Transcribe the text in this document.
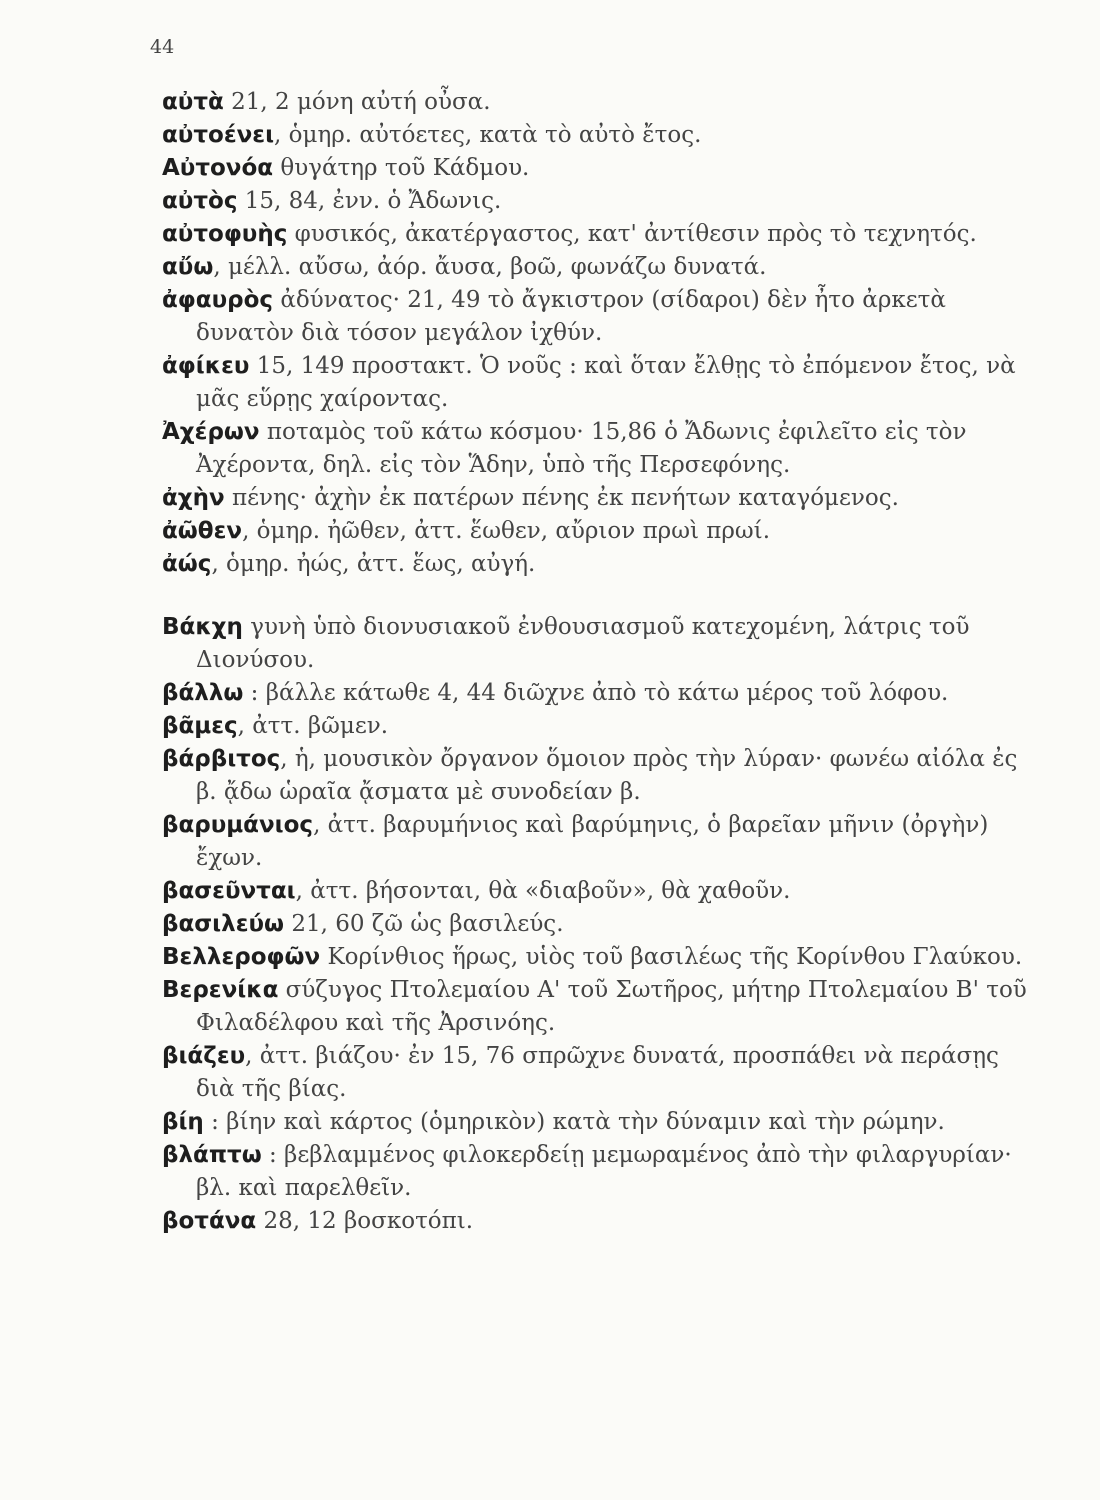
44
αὐτὰ 21, 2 μόνη αὐτή οὖσα.
αὐτοένει, ὁμηρ. αὐτόετες, κατὰ τὸ αὐτὸ ἔτος.
Αὐτονόα θυγάτηρ τοῦ Κάδμου.
αὐτὸς 15, 84, ἐνν. ὁ Ἄδωνις.
αὐτοφυὴς φυσικός, ἀκατέργαστος, κατ' ἀντίθεσιν πρὸς τὸ τεχνητός.
αὔω, μέλλ. αὔσω, ἀόρ. ἄυσα, βοῶ, φωνάζω δυνατά.
ἀφαυρὸς ἀδύνατος· 21, 49 τὸ ἄγκιστρον (σίδαροι) δὲν ἦτο ἀρκετὰ δυνατὸν διὰ τόσον μεγάλον ἰχθύν.
ἀφίκευ 15, 149 προστακτ. Ὁ νοῦς : καὶ ὅταν ἔλθῃς τὸ ἐπόμενον ἔτος, νὰ μᾶς εὕρῃς χαίροντας.
Ἀχέρων ποταμὸς τοῦ κάτω κόσμου· 15,86 ὁ Ἄδωνις ἐφιλεῖτο εἰς τὸν Ἀχέροντα, δηλ. εἰς τὸν Ἅδην, ὑπὸ τῆς Περσεφόνης.
ἀχὴν πένης· ἀχὴν ἐκ πατέρων πένης ἐκ πενήτων καταγόμενος.
ἀῶθεν, ὁμηρ. ἠῶθεν, ἀττ. ἕωθεν, αὔριον πρωὶ πρωί.
ἀώς, ὁμηρ. ἠώς, ἀττ. ἕως, αὐγή.
Βάκχη γυνὴ ὑπὸ διονυσιακοῦ ἐνθουσιασμοῦ κατεχομένη, λάτρις τοῦ Διονύσου.
βάλλω : βάλλε κάτωθε 4, 44 διῶχνε ἀπὸ τὸ κάτω μέρος τοῦ λόφου.
βᾶμες, ἀττ. βῶμεν.
βάρβιτος, ἡ, μουσικὸν ὄργανον ὅμοιον πρὸς τὴν λύραν· φωνέω αἰόλα ἐς β. ᾄδω ὡραῖα ᾄσματα μὲ συνοδείαν β.
βαρυμάνιος, ἀττ. βαρυμήνιος καὶ βαρύμηνις, ὁ βαρεῖαν μῆνιν (ὀργὴν) ἔχων.
βασεῦνται, ἀττ. βήσονται, θὰ «διαβοῦν», θὰ χαθοῦν.
βασιλεύω 21, 60 ζῶ ὡς βασιλεύς.
Βελλεροφῶν Κορίνθιος ἥρως, υἱὸς τοῦ βασιλέως τῆς Κορίνθου Γλαύκου.
Βερενίκα σύζυγος Πτολεμαίου Α' τοῦ Σωτῆρος, μήτηρ Πτολεμαίου Β' τοῦ Φιλαδέλφου καὶ τῆς Ἀρσινόης.
βιάζευ, ἀττ. βιάζου· ἐν 15, 76 σπρῶχνε δυνατά, προσπάθει νὰ περάσῃς διὰ τῆς βίας.
βίη : βίην καὶ κάρτος (ὁμηρικὸν) κατὰ τὴν δύναμιν καὶ τὴν ρώμην.
βλάπτω : βεβλαμμένος φιλοκερδείῃ μεμωραμένος ἀπὸ τὴν φιλαργυρίαν· βλ. καὶ παρελθεῖν.
βοτάνα 28, 12 βοσκοτόπι.
